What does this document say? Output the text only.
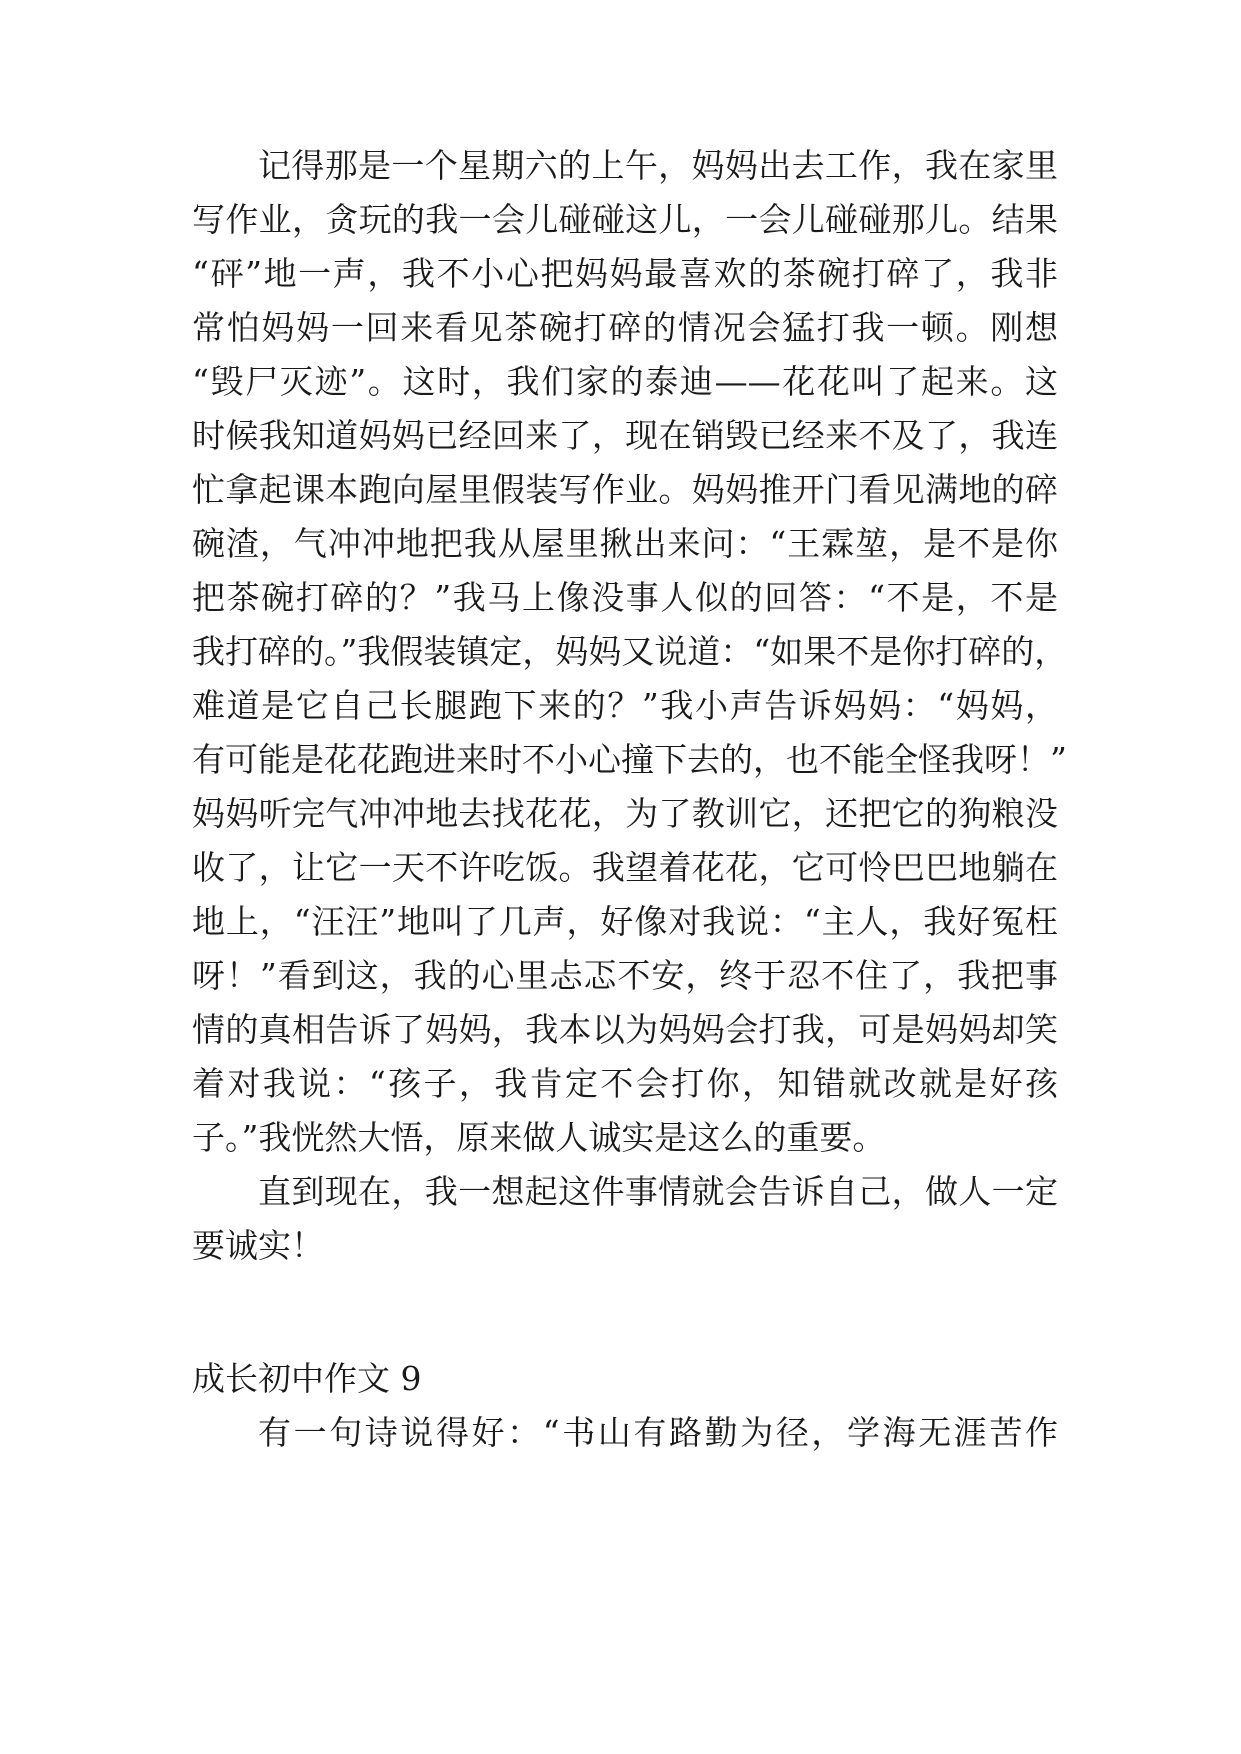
记得那是一个星期六的上午，妈妈出去工作，我在家里
写作业，贪玩的我一会儿碰碰这儿，一会儿碰碰那儿。结果
“砰”地一声，我不小心把妈妈最喜欢的茶碗打碎了，我非
常怕妈妈一回来看见茶碗打碎的情况会猛打我一顿。刚想
“毁尸灭迹”。这时，我们家的泰迪——花花叫了起来。这
时候我知道妈妈已经回来了，现在销毁已经来不及了，我连
忙拿起课本跑向屋里假装写作业。妈妈推开门看见满地的碎
碗渣，气冲冲地把我从屋里揪出来问：“王霖堃，是不是你
把茶碗打碎的？”我马上像没事人似的回答：“不是，不是
我打碎的。”我假装镇定，妈妈又说道：“如果不是你打碎的，
难道是它自己长腿跑下来的？”我小声告诉妈妈：“妈妈，
有可能是花花跑进来时不小心撞下去的，也不能全怪我呀！”
妈妈听完气冲冲地去找花花，为了教训它，还把它的狗粮没
收了，让它一天不许吃饭。我望着花花，它可怜巴巴地躺在
地上，“汪汪”地叫了几声，好像对我说：“主人，我好冤枉
呀！”看到这，我的心里忐忑不安，终于忍不住了，我把事
情的真相告诉了妈妈，我本以为妈妈会打我，可是妈妈却笑
着对我说：“孩子，我肯定不会打你，知错就改就是好孩
子。”我恍然大悟，原来做人诚实是这么的重要。
直到现在，我一想起这件事情就会告诉自己，做人一定
要诚实！
成长初中作文 9
有一句诗说得好：“书山有路勤为径，学海无涯苦作
